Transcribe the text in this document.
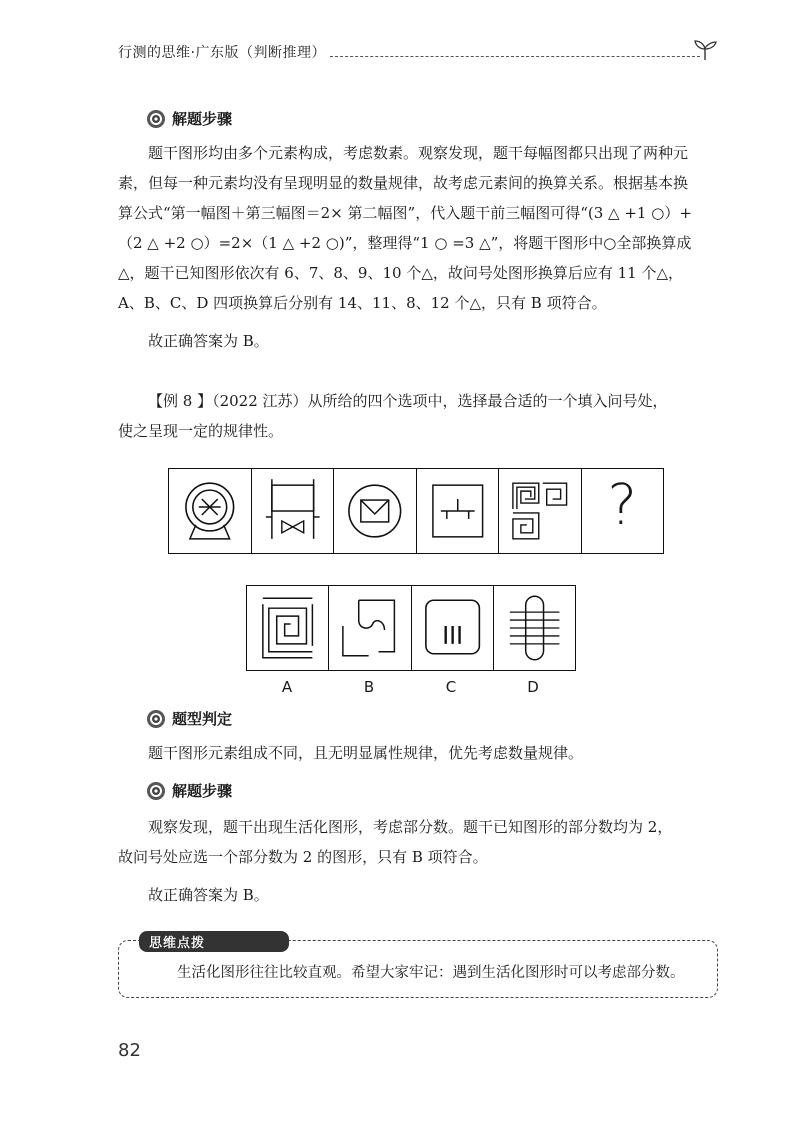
行测的思维·广东版（判断推理）
解题步骤
题干图形均由多个元素构成，考虑数素。观察发现，题干每幅图都只出现了两种元
素，但每一种元素均没有呈现明显的数量规律，故考虑元素间的换算关系。根据基本换
算公式“第一幅图＋第三幅图＝2× 第二幅图”，代入题干前三幅图可得“(3 △ +1 ○）+
（2 △ +2 ○）=2×（1 △ +2 ○)”，整理得“1 ○ =3 △”，将题干图形中○全部换算成
△，题干已知图形依次有 6、7、8、9、10 个△，故问号处图形换算后应有 11 个△，
A、B、C、D 四项换算后分别有 14、11、8、12 个△，只有 B 项符合。
故正确答案为 B。
【例 8 】（2022 江苏）从所给的四个选项中，选择最合适的一个填入问号处，
使之呈现一定的规律性。
?
A	B	C	D
题型判定
题干图形元素组成不同，且无明显属性规律，优先考虑数量规律。
解题步骤
观察发现，题干出现生活化图形，考虑部分数。题干已知图形的部分数均为 2，
故问号处应选一个部分数为 2 的图形，只有 B 项符合。
故正确答案为 B。
思维点拨
生活化图形往往比较直观。希望大家牢记：遇到生活化图形时可以考虑部分数。
82
